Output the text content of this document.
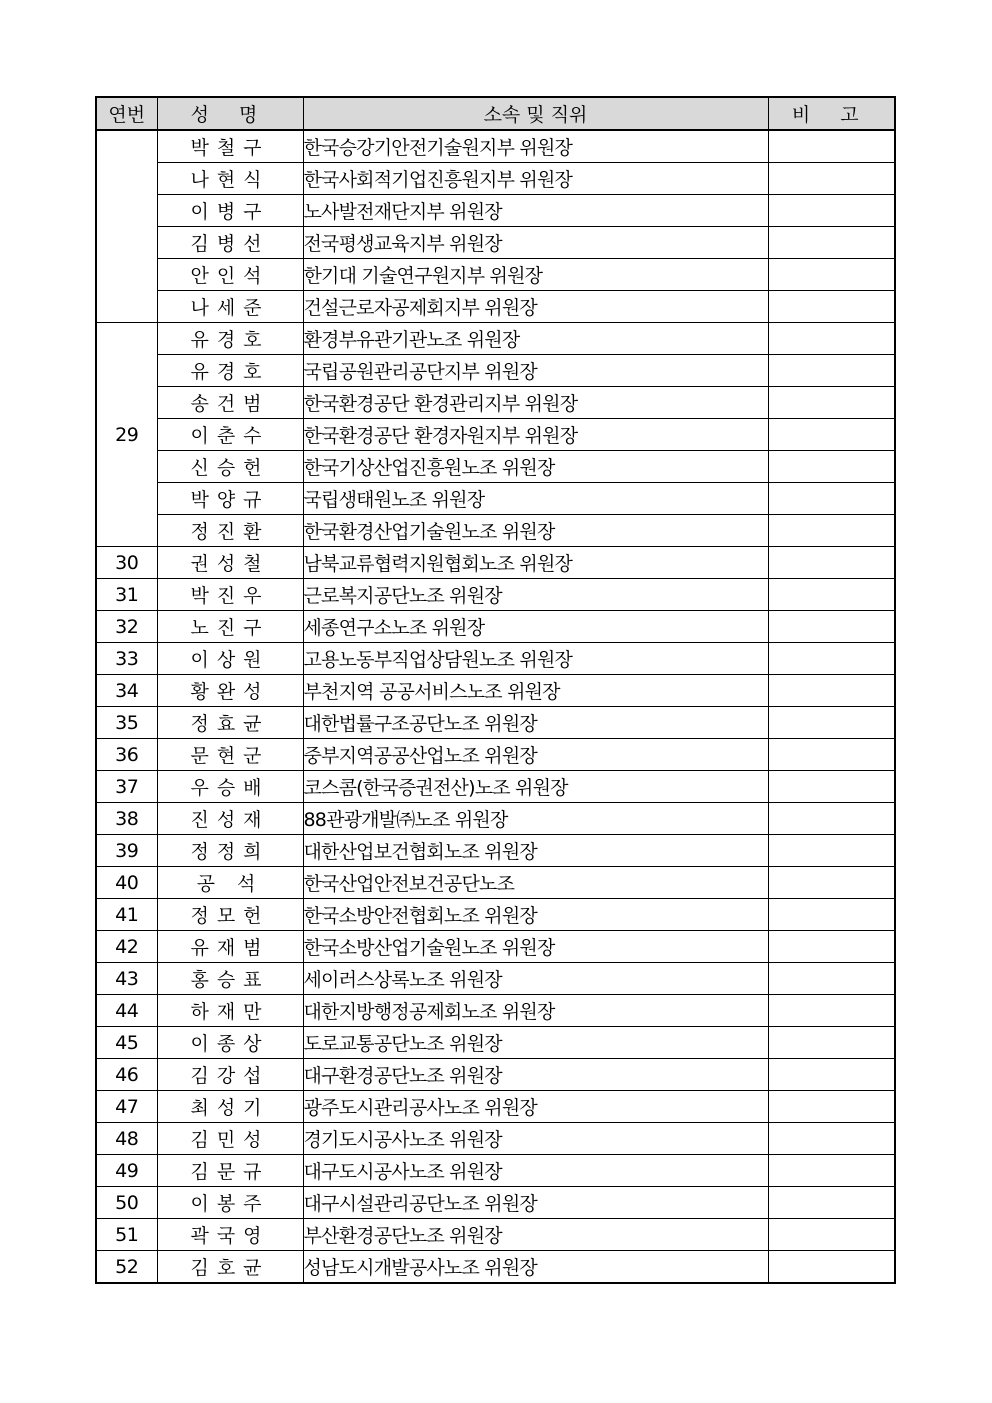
연번	성 명	소속 및 직위	비 고
	박철구	한국승강기안전기술원지부 위원장	
	나현식	한국사회적기업진흥원지부 위원장	
	이병구	노사발전재단지부 위원장	
	김병선	전국평생교육지부 위원장	
	안인석	한기대 기술연구원지부 위원장	
	나세준	건설근로자공제회지부 위원장	
29	유경호	환경부유관기관노조 위원장	
	유경호	국립공원관리공단지부 위원장	
	송건범	한국환경공단 환경관리지부 위원장	
	이춘수	한국환경공단 환경자원지부 위원장	
	신승헌	한국기상산업진흥원노조 위원장	
	박양규	국립생태원노조 위원장	
	정진환	한국환경산업기술원노조 위원장	
30	권성철	남북교류협력지원협회노조 위원장	
31	박진우	근로복지공단노조 위원장	
32	노진구	세종연구소노조 위원장	
33	이상원	고용노동부직업상담원노조 위원장	
34	황완성	부천지역 공공서비스노조 위원장	
35	정효균	대한법률구조공단노조 위원장	
36	문현군	중부지역공공산업노조 위원장	
37	우승배	코스콤(한국증권전산)노조 위원장	
38	진성재	88관광개발㈜노조 위원장	
39	정정희	대한산업보건협회노조 위원장	
40	공 석	한국산업안전보건공단노조	
41	정모헌	한국소방안전협회노조 위원장	
42	유재범	한국소방산업기술원노조 위원장	
43	홍승표	세이러스상록노조 위원장	
44	하재만	대한지방행정공제회노조 위원장	
45	이종상	도로교통공단노조 위원장	
46	김강섭	대구환경공단노조 위원장	
47	최성기	광주도시관리공사노조 위원장	
48	김민성	경기도시공사노조 위원장	
49	김문규	대구도시공사노조 위원장	
50	이봉주	대구시설관리공단노조 위원장	
51	곽국영	부산환경공단노조 위원장	
52	김호균	성남도시개발공사노조 위원장	
